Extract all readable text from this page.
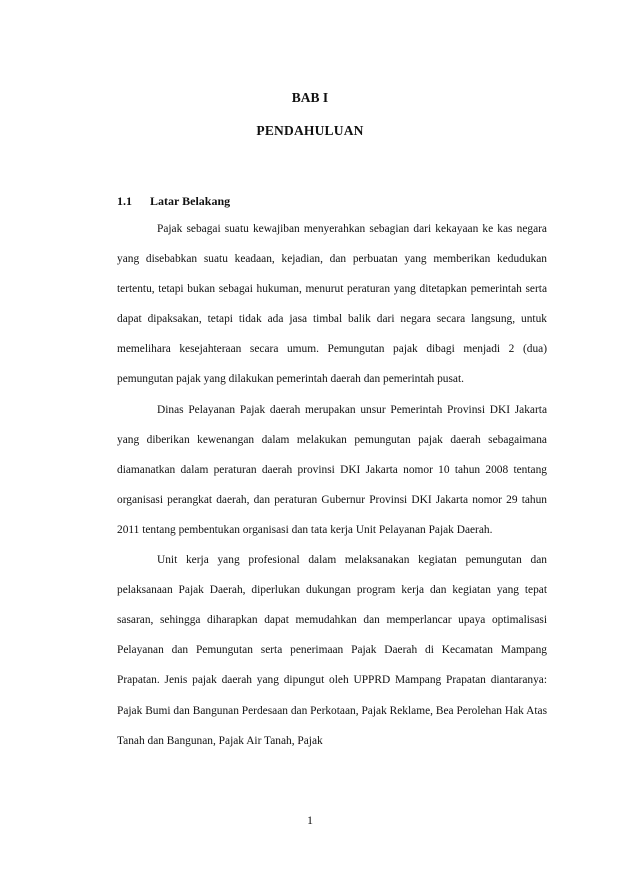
BAB I
PENDAHULUAN
1.1 Latar Belakang

Pajak sebagai suatu kewajiban menyerahkan sebagian dari kekayaan ke kas negara yang disebabkan suatu keadaan, kejadian, dan perbuatan yang memberikan kedudukan tertentu, tetapi bukan sebagai hukuman, menurut peraturan yang ditetapkan pemerintah serta dapat dipaksakan, tetapi tidak ada jasa timbal balik dari negara secara langsung, untuk memelihara kesejahteraan secara umum. Pemungutan pajak dibagi menjadi 2 (dua) pemungutan pajak yang dilakukan pemerintah daerah dan pemerintah pusat.

Dinas Pelayanan Pajak daerah merupakan unsur Pemerintah Provinsi DKI Jakarta yang diberikan kewenangan dalam melakukan pemungutan pajak daerah sebagaimana diamanatkan dalam peraturan daerah provinsi DKI Jakarta nomor 10 tahun 2008 tentang organisasi perangkat daerah, dan peraturan Gubernur Provinsi DKI Jakarta nomor 29 tahun 2011 tentang pembentukan organisasi dan tata kerja Unit Pelayanan Pajak Daerah.

Unit kerja yang profesional dalam melaksanakan kegiatan pemungutan dan pelaksanaan Pajak Daerah, diperlukan dukungan program kerja dan kegiatan yang tepat sasaran, sehingga diharapkan dapat memudahkan dan memperlancar upaya optimalisasi Pelayanan dan Pemungutan serta penerimaan Pajak Daerah di Kecamatan Mampang Prapatan. Jenis pajak daerah yang dipungut oleh UPPRD Mampang Prapatan diantaranya: Pajak Bumi dan Bangunan Perdesaan dan Perkotaan, Pajak Reklame, Bea Perolehan Hak Atas Tanah dan Bangunan, Pajak Air Tanah, Pajak

1
